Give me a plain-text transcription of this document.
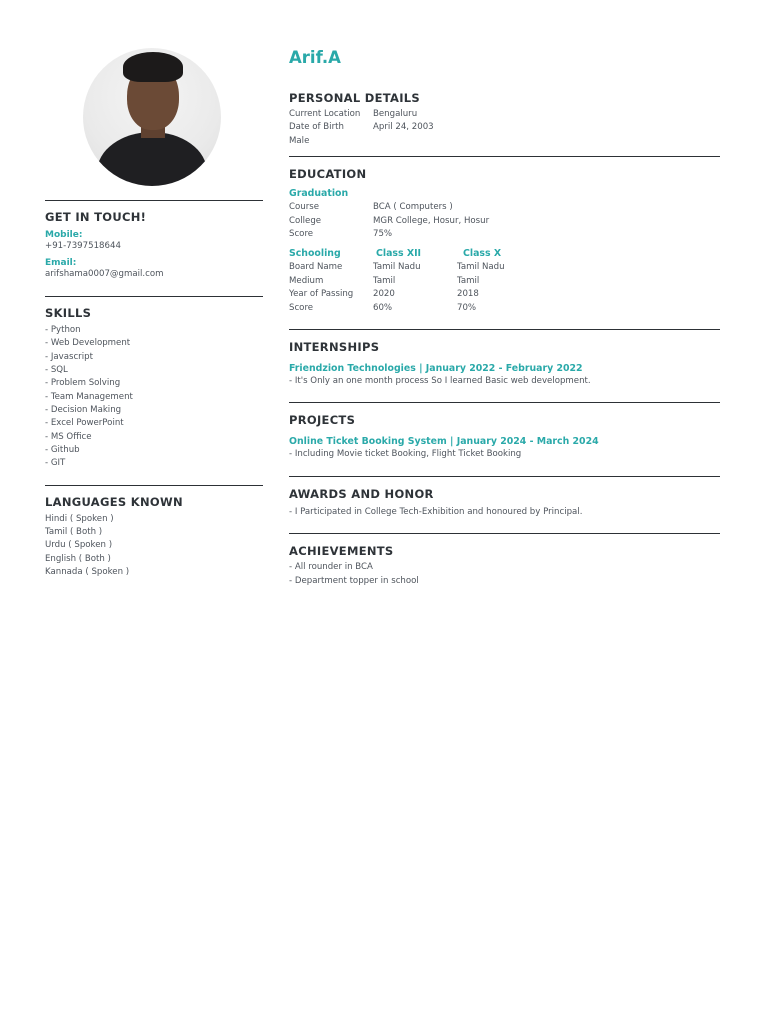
GET IN TOUCH!
Mobile:
+91-7397518644
Email:
arifshama0007@gmail.com
SKILLS
- Python
- Web Development
- Javascript
- SQL
- Problem Solving
- Team Management
- Decision Making
- Excel PowerPoint
- MS Office
- Github
- GIT
LANGUAGES KNOWN
Hindi ( Spoken )
Tamil ( Both )
Urdu ( Spoken )
English ( Both )
Kannada ( Spoken )
Arif.A
PERSONAL DETAILS
Current Location	Bengaluru
Date of Birth	April 24, 2003
Male
EDUCATION
Graduation
Course	BCA ( Computers )
College	MGR College, Hosur, Hosur
Score	75%
Schooling	Class XII	Class X
Board Name	Tamil Nadu	Tamil Nadu
Medium	Tamil	Tamil
Year of Passing	2020	2018
Score	60%	70%
INTERNSHIPS
Friendzion Technologies | January 2022 - February 2022
- It's Only an one month process So I learned Basic web development.
PROJECTS
Online Ticket Booking System | January 2024 - March 2024
- Including Movie ticket Booking, Flight Ticket Booking
AWARDS AND HONOR
- I Participated in College Tech-Exhibition and honoured by Principal.
ACHIEVEMENTS
- All rounder in BCA
- Department topper in school
